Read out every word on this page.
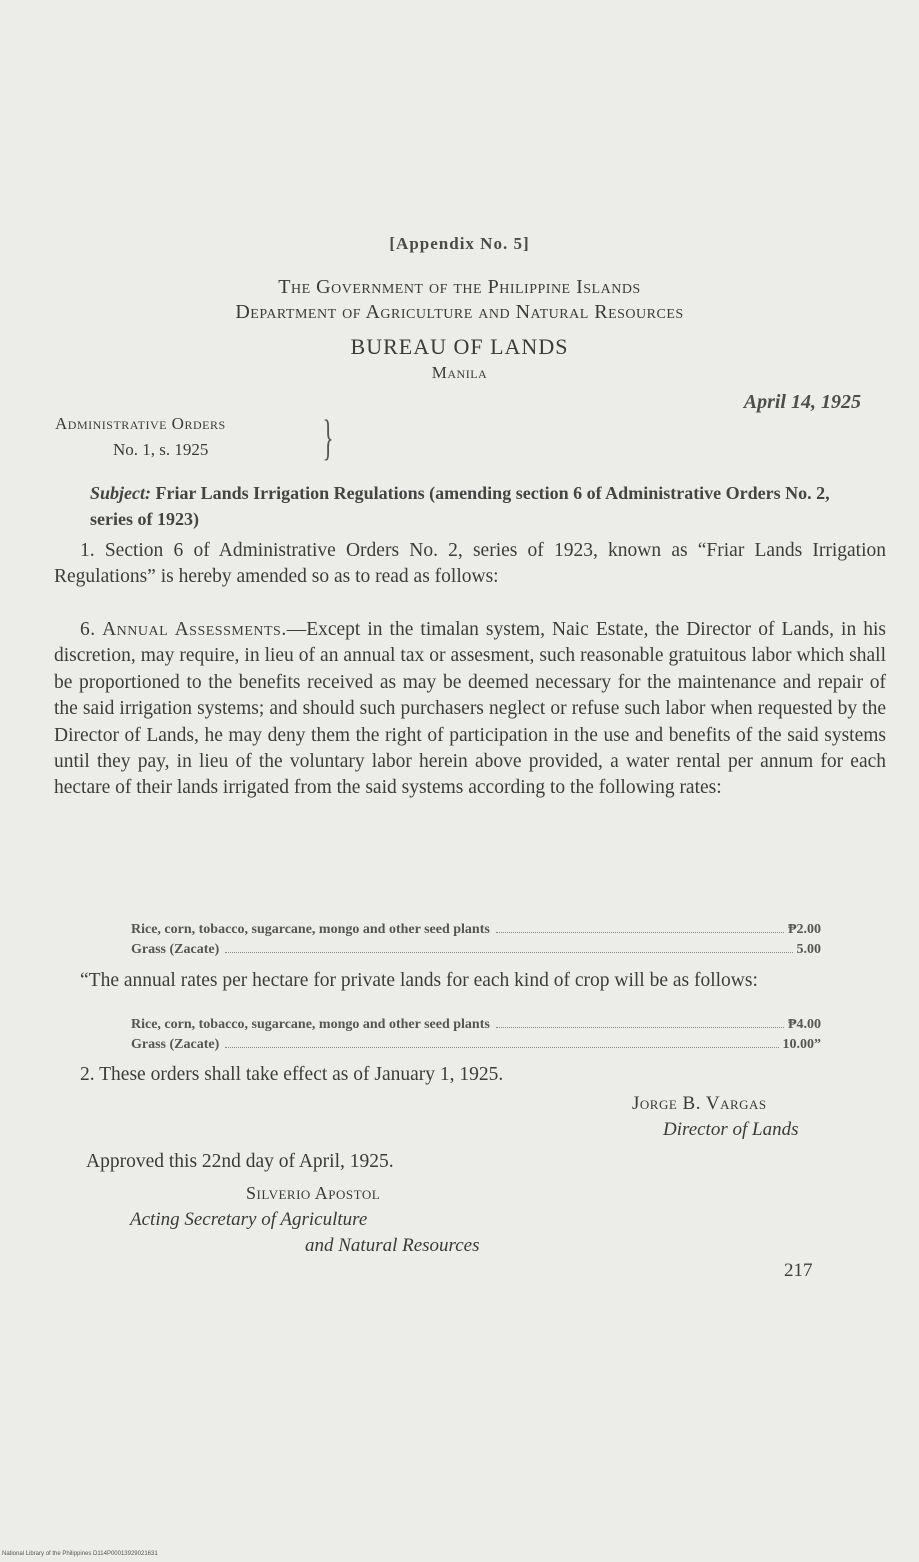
[Appendix No. 5]
The Government of the Philippine Islands
Department of Agriculture and Natural Resources
BUREAU OF LANDS
Manila
April 14, 1925
Administrative Orders
No. 1, s. 1925 }
Subject: Friar Lands Irrigation Regulations (amending section 6 of Administrative Orders No. 2, series of 1923)
1. Section 6 of Administrative Orders No. 2, series of 1923, known as “Friar Lands Irrigation Regulations” is hereby amended so as to read as follows:
6. Annual Assessments.—Except in the timalan system, Naic Estate, the Director of Lands, in his discretion, may require, in lieu of an annual tax or assesment, such reasonable gratuitous labor which shall be proportioned to the benefits received as may be deemed necessary for the maintenance and repair of the said irrigation systems; and should such purchasers neglect or refuse such labor when requested by the Director of Lands, he may deny them the right of participation in the use and benefits of the said systems until they pay, in lieu of the voluntary labor herein above provided, a water rental per annum for each hectare of their lands irrigated from the said systems according to the following rates:
Rice, corn, tobacco, sugarcane, mongo and other seed plants	₱2.00
Grass (Zacate)	5.00
“The annual rates per hectare for private lands for each kind of crop will be as follows:
Rice, corn, tobacco, sugarcane, mongo and other seed plants	₱4.00
Grass (Zacate)	10.00”
2. These orders shall take effect as of January 1, 1925.
Jorge B. Vargas
Director of Lands
Approved this 22nd day of April, 1925.
Silverio Apostol
Acting Secretary of Agriculture
and Natural Resources
217
National Library of the Philippines D114P00013929021631
